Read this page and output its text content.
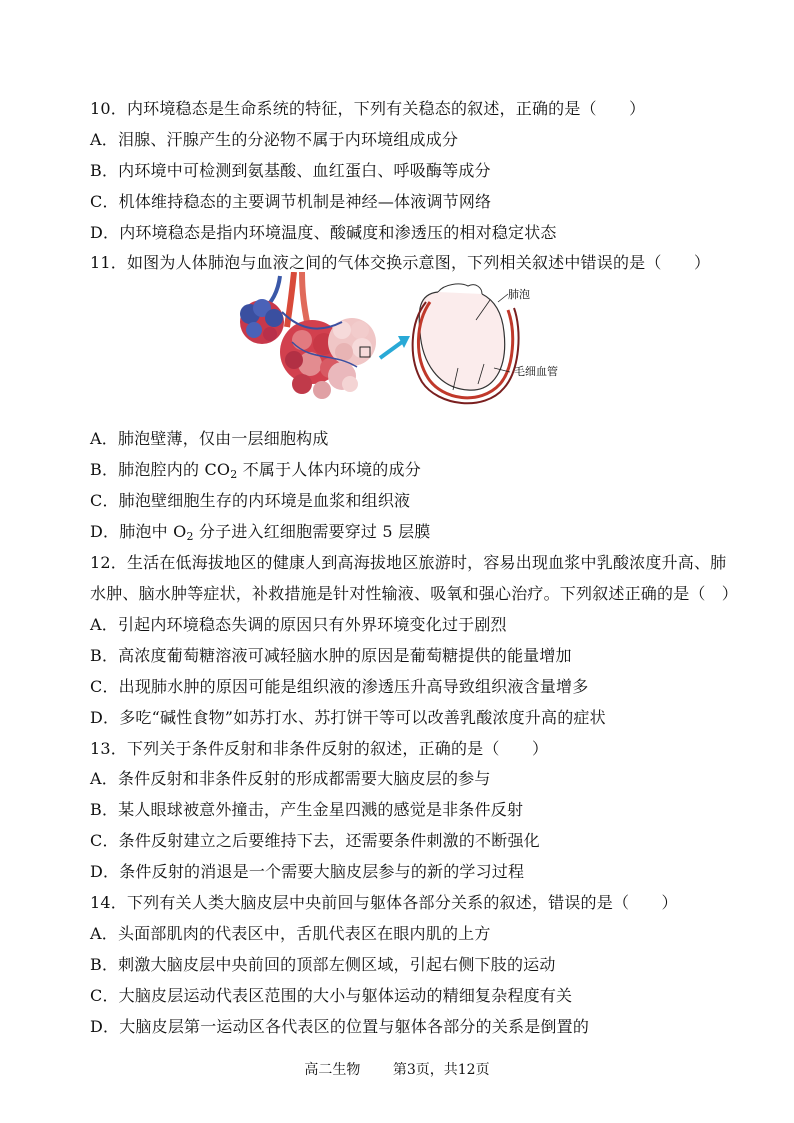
10．内环境稳态是生命系统的特征，下列有关稳态的叙述，正确的是（　　）
A．泪腺、汗腺产生的分泌物不属于内环境组成成分
B．内环境中可检测到氨基酸、血红蛋白、呼吸酶等成分
C．机体维持稳态的主要调节机制是神经—体液调节网络
D．内环境稳态是指内环境温度、酸碱度和渗透压的相对稳定状态
11．如图为人体肺泡与血液之间的气体交换示意图，下列相关叙述中错误的是（　　）
肺泡
毛细血管
A．肺泡壁薄，仅由一层细胞构成
B．肺泡腔内的 $CO_2$ 不属于人体内环境的成分
C．肺泡壁细胞生存的内环境是血浆和组织液
D．肺泡中 $O_2$ 分子进入红细胞需要穿过 5 层膜
12．生活在低海拔地区的健康人到高海拔地区旅游时，容易出现血浆中乳酸浓度升高、肺
水肿、脑水肿等症状，补救措施是针对性输液、吸氧和强心治疗。下列叙述正确的是（　）
A．引起内环境稳态失调的原因只有外界环境变化过于剧烈
B．高浓度葡萄糖溶液可减轻脑水肿的原因是葡萄糖提供的能量增加
C．出现肺水肿的原因可能是组织液的渗透压升高导致组织液含量增多
D．多吃“碱性食物”如苏打水、苏打饼干等可以改善乳酸浓度升高的症状
13．下列关于条件反射和非条件反射的叙述，正确的是（　　）
A．条件反射和非条件反射的形成都需要大脑皮层的参与
B．某人眼球被意外撞击，产生金星四溅的感觉是非条件反射
C．条件反射建立之后要维持下去，还需要条件刺激的不断强化
D．条件反射的消退是一个需要大脑皮层参与的新的学习过程
14．下列有关人类大脑皮层中央前回与躯体各部分关系的叙述，错误的是（　　）
A．头面部肌肉的代表区中，舌肌代表区在眼内肌的上方
B．刺激大脑皮层中央前回的顶部左侧区域，引起右侧下肢的运动
C．大脑皮层运动代表区范围的大小与躯体运动的精细复杂程度有关
D．大脑皮层第一运动区各代表区的位置与躯体各部分的关系是倒置的
高二生物 第3页，共12页
